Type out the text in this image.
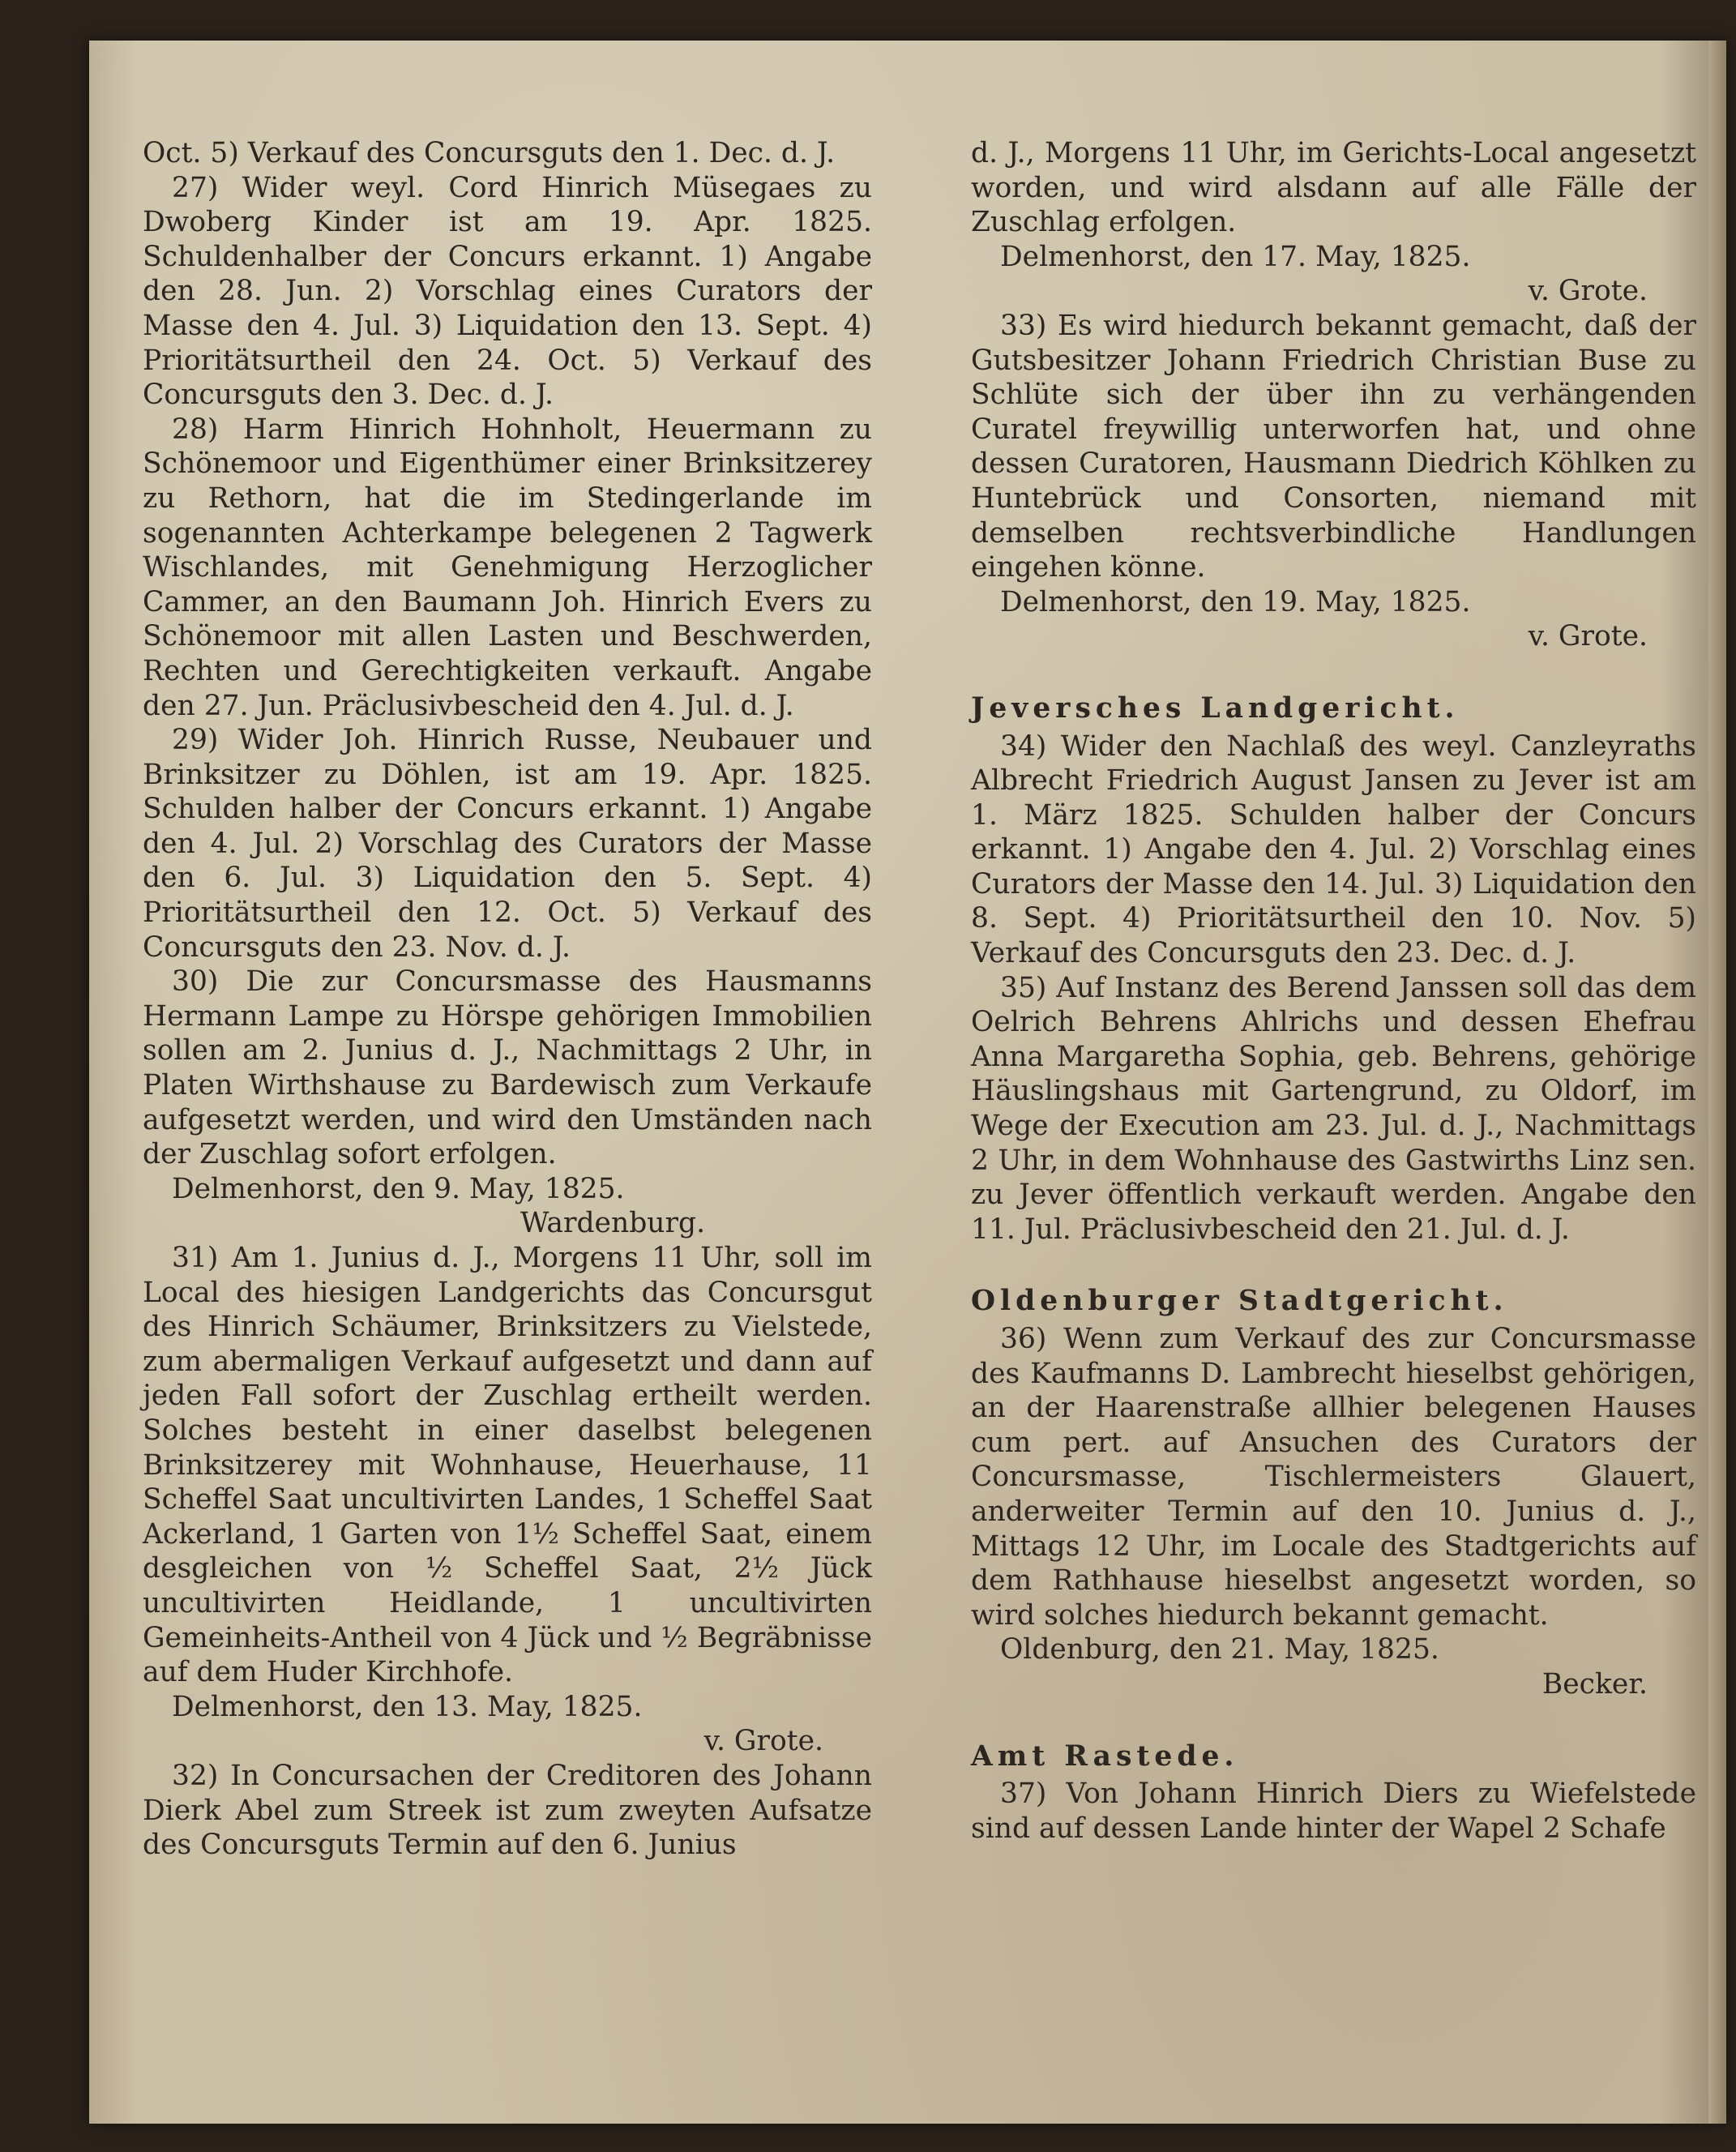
Oct. 5) Verkauf des Concursguts den 1. Dec. d. J.

27) Wider weyl. Cord Hinrich Müsegaes zu Dwoberg Kinder ist am 19. Apr. 1825. Schuldenhalber der Concurs erkannt. 1) Angabe den 28. Jun. 2) Vorschlag eines Curators der Masse den 4. Jul. 3) Liquidation den 13. Sept. 4) Prioritätsurtheil den 24. Oct. 5) Verkauf des Concursguts den 3. Dec. d. J.

28) Harm Hinrich Hohnholt, Heuermann zu Schönemoor und Eigenthümer einer Brinksitzerey zu Rethorn, hat die im Stedingerlande im sogenannten Achterkampe belegenen 2 Tagwerk Wischlandes, mit Genehmigung Herzoglicher Cammer, an den Baumann Joh. Hinrich Evers zu Schönemoor mit allen Lasten und Beschwerden, Rechten und Gerechtigkeiten verkauft. Angabe den 27. Jun. Präclusivbescheid den 4. Jul. d. J.

29) Wider Joh. Hinrich Russe, Neubauer und Brinksitzer zu Döhlen, ist am 19. Apr. 1825. Schulden halber der Concurs erkannt. 1) Angabe den 4. Jul. 2) Vorschlag des Curators der Masse den 6. Jul. 3) Liquidation den 5. Sept. 4) Prioritätsurtheil den 12. Oct. 5) Verkauf des Concursguts den 23. Nov. d. J.

30) Die zur Concursmasse des Hausmanns Hermann Lampe zu Hörspe gehörigen Immobilien sollen am 2. Junius d. J., Nachmittags 2 Uhr, in Platen Wirthshause zu Bardewisch zum Verkaufe aufgesetzt werden, und wird den Umständen nach der Zuschlag sofort erfolgen.

Delmenhorst, den 9. May, 1825.

Wardenburg.

31) Am 1. Junius d. J., Morgens 11 Uhr, soll im Local des hiesigen Landgerichts das Concursgut des Hinrich Schäumer, Brinksitzers zu Vielstede, zum abermaligen Verkauf aufgesetzt und dann auf jeden Fall sofort der Zuschlag ertheilt werden. Solches besteht in einer daselbst belegenen Brinksitzerey mit Wohnhause, Heuerhause, 11 Scheffel Saat uncultivirten Landes, 1 Scheffel Saat Ackerland, 1 Garten von 1½ Scheffel Saat, einem desgleichen von ½ Scheffel Saat, 2½ Jück uncultivirten Heidlande, 1 uncultivirten Gemeinheits-Antheil von 4 Jück und ½ Begräbnisse auf dem Huder Kirchhofe.

Delmenhorst, den 13. May, 1825.

v. Grote.

32) In Concursachen der Creditoren des Johann Dierk Abel zum Streek ist zum zweyten Aufsatze des Concursguts Termin auf den 6. Junius

d. J., Morgens 11 Uhr, im Gerichts-Local angesetzt worden, und wird alsdann auf alle Fälle der Zuschlag erfolgen.

Delmenhorst, den 17. May, 1825.

v. Grote.

33) Es wird hiedurch bekannt gemacht, daß der Gutsbesitzer Johann Friedrich Christian Buse zu Schlüte sich der über ihn zu verhängenden Curatel freywillig unterworfen hat, und ohne dessen Curatoren, Hausmann Diedrich Köhlken zu Huntebrück und Consorten, niemand mit demselben rechtsverbindliche Handlungen eingehen könne.

Delmenhorst, den 19. May, 1825.

v. Grote.

Jeversches Landgericht.

34) Wider den Nachlaß des weyl. Canzleyraths Albrecht Friedrich August Jansen zu Jever ist am 1. März 1825. Schulden halber der Concurs erkannt. 1) Angabe den 4. Jul. 2) Vorschlag eines Curators der Masse den 14. Jul. 3) Liquidation den 8. Sept. 4) Prioritätsurtheil den 10. Nov. 5) Verkauf des Concursguts den 23. Dec. d. J.

35) Auf Instanz des Berend Janssen soll das dem Oelrich Behrens Ahlrichs und dessen Ehefrau Anna Margaretha Sophia, geb. Behrens, gehörige Häuslingshaus mit Gartengrund, zu Oldorf, im Wege der Execution am 23. Jul. d. J., Nachmittags 2 Uhr, in dem Wohnhause des Gastwirths Linz sen. zu Jever öffentlich verkauft werden. Angabe den 11. Jul. Präclusivbescheid den 21. Jul. d. J.

Oldenburger Stadtgericht.

36) Wenn zum Verkauf des zur Concursmasse des Kaufmanns D. Lambrecht hieselbst gehörigen, an der Haarenstraße allhier belegenen Hauses cum pert. auf Ansuchen des Curators der Concursmasse, Tischlermeisters Glauert, anderweiter Termin auf den 10. Junius d. J., Mittags 12 Uhr, im Locale des Stadtgerichts auf dem Rathhause hieselbst angesetzt worden, so wird solches hiedurch bekannt gemacht.

Oldenburg, den 21. May, 1825.

Becker.

Amt Rastede.

37) Von Johann Hinrich Diers zu Wiefelstede sind auf dessen Lande hinter der Wapel 2 Schafe
